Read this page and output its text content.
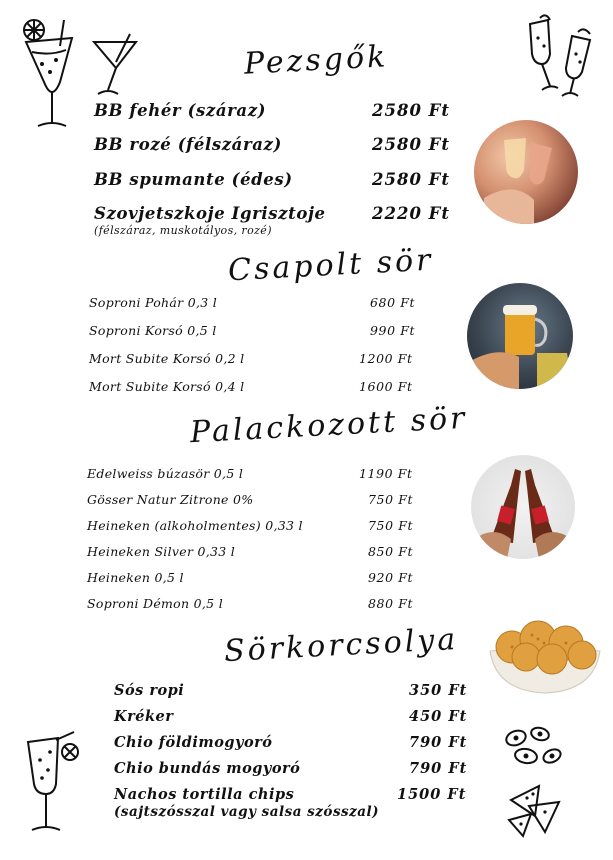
Pezsgők
BB fehér (száraz)	2580 Ft
BB rozé (félszáraz)	2580 Ft
BB spumante (édes)	2580 Ft
Szovjetszkoje Igrisztoje	2220 Ft
(félszáraz, muskotályos, rozé)
Csapolt sör
Soproni Pohár 0,3 l	680 Ft
Soproni Korsó 0,5 l	990 Ft
Mort Subite Korsó 0,2 l	1200 Ft
Mort Subite Korsó 0,4 l	1600 Ft
Palackozott sör
Edelweiss búzasör 0,5 l	1190 Ft
Gösser Natur Zitrone 0%	750 Ft
Heineken (alkoholmentes) 0,33 l	750 Ft
Heineken Silver 0,33 l	850 Ft
Heineken 0,5 l	920 Ft
Soproni Démon 0,5 l	880 Ft
Sörkorcsolya
Sós ropi	350 Ft
Kréker	450 Ft
Chio földimogyoró	790 Ft
Chio bundás mogyoró	790 Ft
Nachos tortilla chips	1500 Ft
(sajtszósszal vagy salsa szósszal)
